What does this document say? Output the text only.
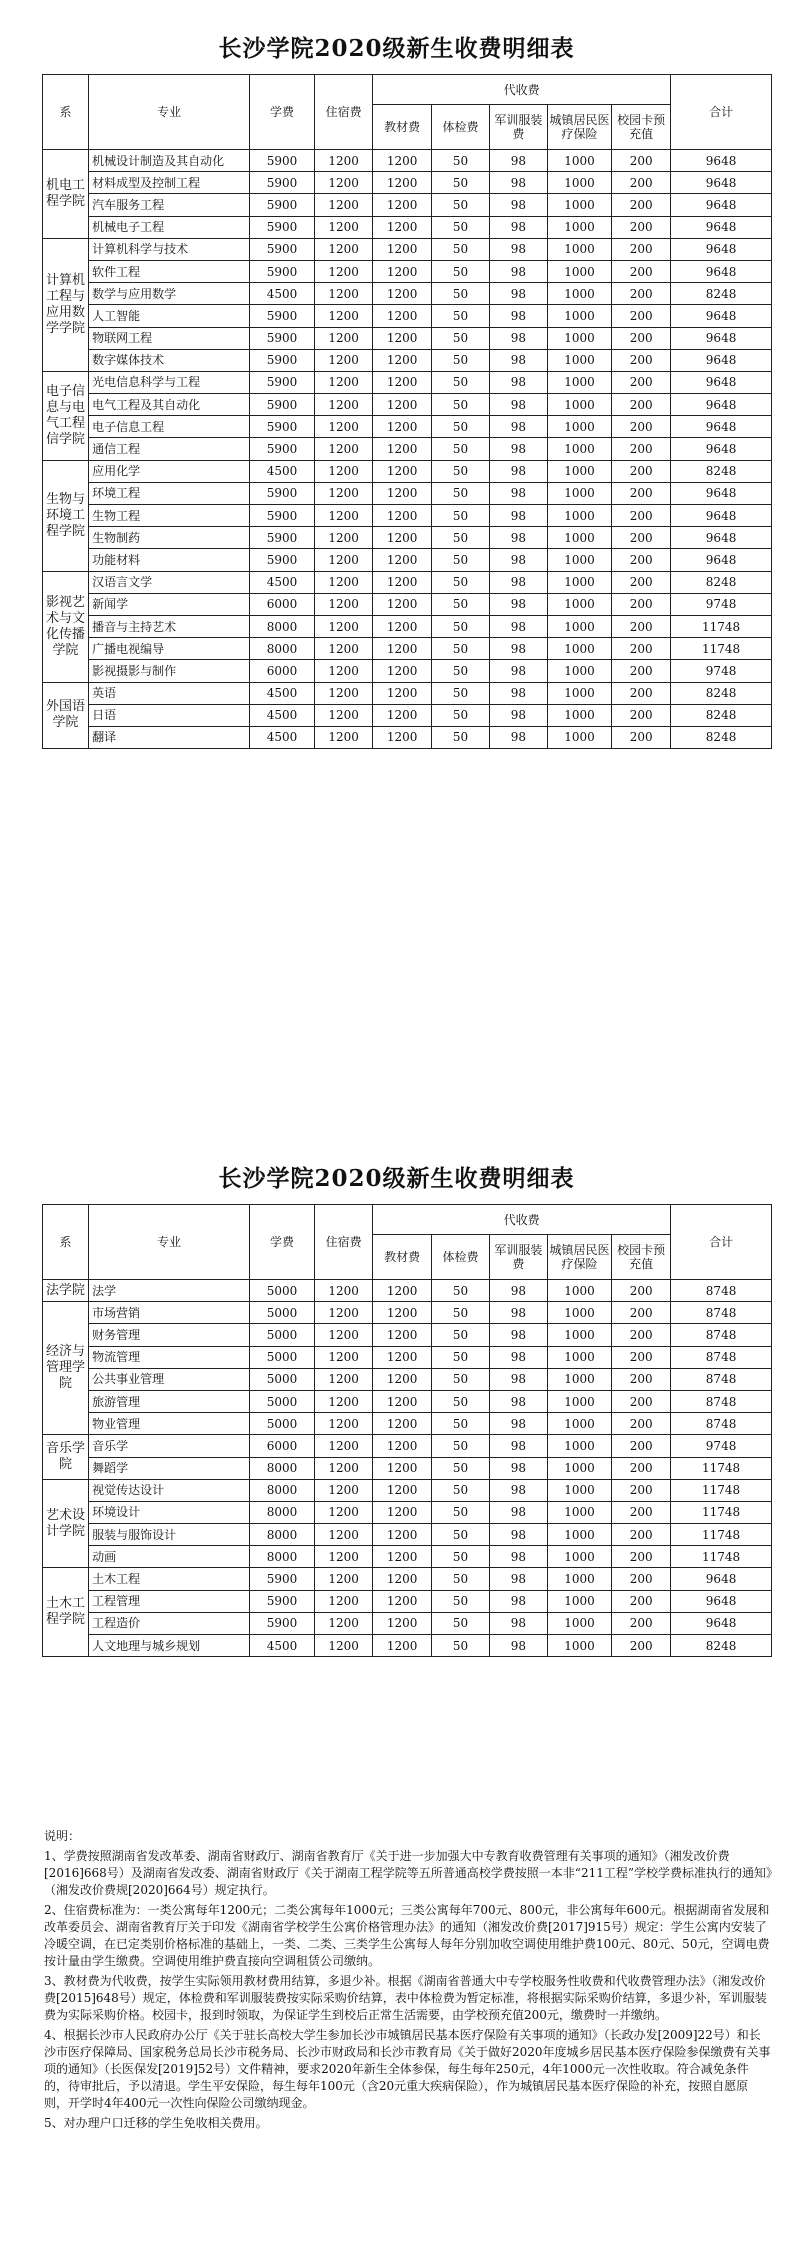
长沙学院2020级新生收费明细表
系	专业	学费	住宿费	代收费					合计
				教材费	体检费	军训服装费	城镇居民医疗保险	校园卡预充值	
机电工程学院	机械设计制造及其自动化	5900	1200	1200	50	98	1000	200	9648
	材料成型及控制工程	5900	1200	1200	50	98	1000	200	9648
	汽车服务工程	5900	1200	1200	50	98	1000	200	9648
	机械电子工程	5900	1200	1200	50	98	1000	200	9648
计算机工程与应用数学学院	计算机科学与技术	5900	1200	1200	50	98	1000	200	9648
	软件工程	5900	1200	1200	50	98	1000	200	9648
	数学与应用数学	4500	1200	1200	50	98	1000	200	8248
	人工智能	5900	1200	1200	50	98	1000	200	9648
	物联网工程	5900	1200	1200	50	98	1000	200	9648
	数字媒体技术	5900	1200	1200	50	98	1000	200	9648
电子信息与电气工程信学院	光电信息科学与工程	5900	1200	1200	50	98	1000	200	9648
	电气工程及其自动化	5900	1200	1200	50	98	1000	200	9648
	电子信息工程	5900	1200	1200	50	98	1000	200	9648
	通信工程	5900	1200	1200	50	98	1000	200	9648
生物与环境工程学院	应用化学	4500	1200	1200	50	98	1000	200	8248
	环境工程	5900	1200	1200	50	98	1000	200	9648
	生物工程	5900	1200	1200	50	98	1000	200	9648
	生物制药	5900	1200	1200	50	98	1000	200	9648
	功能材料	5900	1200	1200	50	98	1000	200	9648
影视艺术与文化传播学院	汉语言文学	4500	1200	1200	50	98	1000	200	8248
	新闻学	6000	1200	1200	50	98	1000	200	9748
	播音与主持艺术	8000	1200	1200	50	98	1000	200	11748
	广播电视编导	8000	1200	1200	50	98	1000	200	11748
	影视摄影与制作	6000	1200	1200	50	98	1000	200	9748
外国语学院	英语	4500	1200	1200	50	98	1000	200	8248
	日语	4500	1200	1200	50	98	1000	200	8248
	翻译	4500	1200	1200	50	98	1000	200	8248
长沙学院2020级新生收费明细表
系	专业	学费	住宿费	代收费					合计
				教材费	体检费	军训服装费	城镇居民医疗保险	校园卡预充值	
法学院	法学	5000	1200	1200	50	98	1000	200	8748
经济与管理学院	市场营销	5000	1200	1200	50	98	1000	200	8748
	财务管理	5000	1200	1200	50	98	1000	200	8748
	物流管理	5000	1200	1200	50	98	1000	200	8748
	公共事业管理	5000	1200	1200	50	98	1000	200	8748
	旅游管理	5000	1200	1200	50	98	1000	200	8748
	物业管理	5000	1200	1200	50	98	1000	200	8748
音乐学院	音乐学	6000	1200	1200	50	98	1000	200	9748
	舞蹈学	8000	1200	1200	50	98	1000	200	11748
艺术设计学院	视觉传达设计	8000	1200	1200	50	98	1000	200	11748
	环境设计	8000	1200	1200	50	98	1000	200	11748
	服装与服饰设计	8000	1200	1200	50	98	1000	200	11748
	动画	8000	1200	1200	50	98	1000	200	11748
土木工程学院	土木工程	5900	1200	1200	50	98	1000	200	9648
	工程管理	5900	1200	1200	50	98	1000	200	9648
	工程造价	5900	1200	1200	50	98	1000	200	9648
	人文地理与城乡规划	4500	1200	1200	50	98	1000	200	8248

说明：

1、学费按照湖南省发改革委、湖南省财政厅、湖南省教育厅《关于进一步加强大中专教育收费管理有关事项的通知》（湘发改价费[2016]668号）及湖南省发改委、湖南省财政厅《关于湖南工程学院等五所普通高校学费按照一本非“211工程”学校学费标准执行的通知》（湘发改价费规[2020]664号）规定执行。

2、住宿费标准为：一类公寓每年1200元；二类公寓每年1000元；三类公寓每年700元、800元，非公寓每年600元。根据湖南省发展和改革委员会、湖南省教育厅关于印发《湖南省学校学生公寓价格管理办法》的通知（湘发改价费[2017]915号）规定：学生公寓内安装了冷暖空调，在已定类别价格标准的基础上，一类、二类、三类学生公寓每人每年分别加收空调使用维护费100元、80元、50元，空调电费按计量由学生缴费。空调使用维护费直接向空调租赁公司缴纳。

3、教材费为代收费，按学生实际领用教材费用结算，多退少补。根据《湖南省普通大中专学校服务性收费和代收费管理办法》（湘发改价费[2015]648号）规定，体检费和军训服装费按实际采购价结算，表中体检费为暂定标准，将根据实际采购价结算，多退少补，军训服装费为实际采购价格。校园卡，报到时领取，为保证学生到校后正常生活需要，由学校预充值200元，缴费时一并缴纳。

4、根据长沙市人民政府办公厅《关于驻长高校大学生参加长沙市城镇居民基本医疗保险有关事项的通知》（长政办发[2009]22号）和长沙市医疗保障局、国家税务总局长沙市税务局、长沙市财政局和长沙市教育局《关于做好2020年度城乡居民基本医疗保险参保缴费有关事项的通知》（长医保发[2019]52号）文件精神，要求2020年新生全体参保，每生每年250元，4年1000元一次性收取。符合减免条件的，待审批后，予以清退。学生平安保险，每生每年100元（含20元重大疾病保险），作为城镇居民基本医疗保险的补充，按照自愿原则，开学时4年400元一次性向保险公司缴纳现金。

5、对办理户口迁移的学生免收相关费用。
